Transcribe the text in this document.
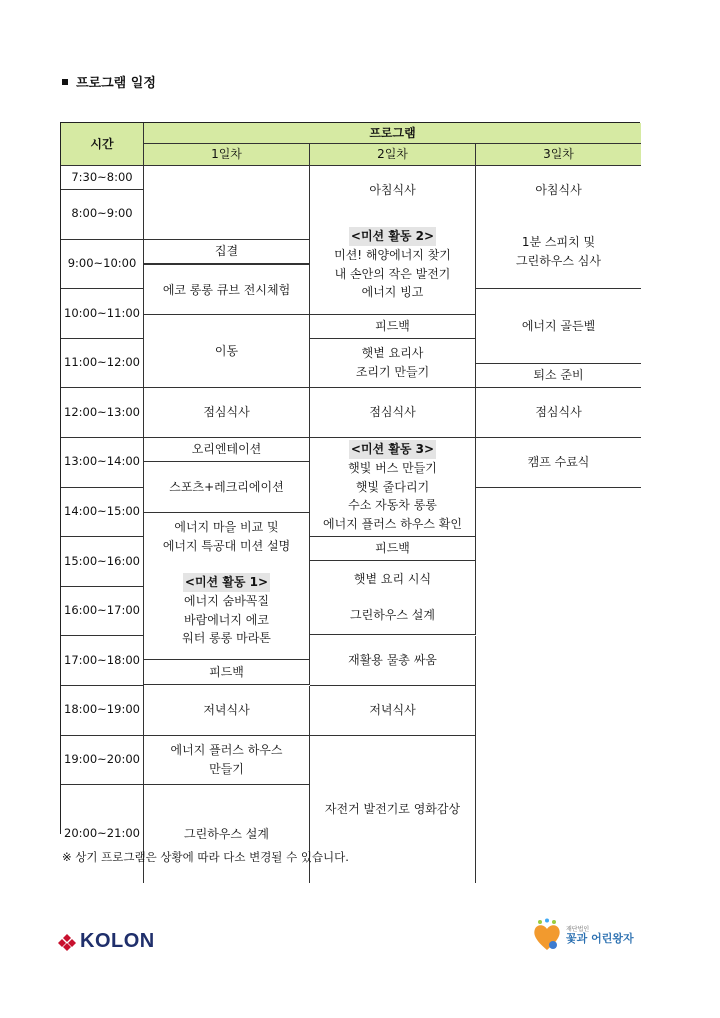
프로그램 일정
시간
프로그램
1일차	2일차	3일차
7:30~8:00
8:00~9:00
9:00~10:00
10:00~11:00
11:00~12:00
12:00~13:00
13:00~14:00
14:00~15:00
15:00~16:00
16:00~17:00
17:00~18:00
18:00~19:00
19:00~20:00
20:00~21:00
집결
에코 롱롱 큐브 전시체험
이동
점심식사
오리엔테이션
스포츠+레크리에이션
에너지 마을 비교 및
에너지 특공대 미션 설명
<미션 활동 1>
에너지 숨바꼭질
바람에너지 에코
워터 롱롱 마라톤
피드백
저녁식사
에너지 플러스 하우스
만들기
그린하우스 설계
아침식사
<미션 활동 2>
미션! 해양에너지 찾기
내 손안의 작은 발전기
에너지 빙고
피드백
햇볕 요리사
조리기 만들기
점심식사
<미션 활동 3>
햇빛 버스 만들기
햇빛 줄다리기
수소 자동차 롱롱
에너지 플러스 하우스 확인
피드백
햇볕 요리 시식
그린하우스 설계
재활용 물총 싸움
저녁식사
자전거 발전기로 영화감상
아침식사
1분 스피치 및
그린하우스 심사
에너지 골든벨
퇴소 준비
점심식사
캠프 수료식
※ 상기 프로그램은 상황에 따라 다소 변경될 수 있습니다.
KOLON
재단법인
꽃과 어린왕자
